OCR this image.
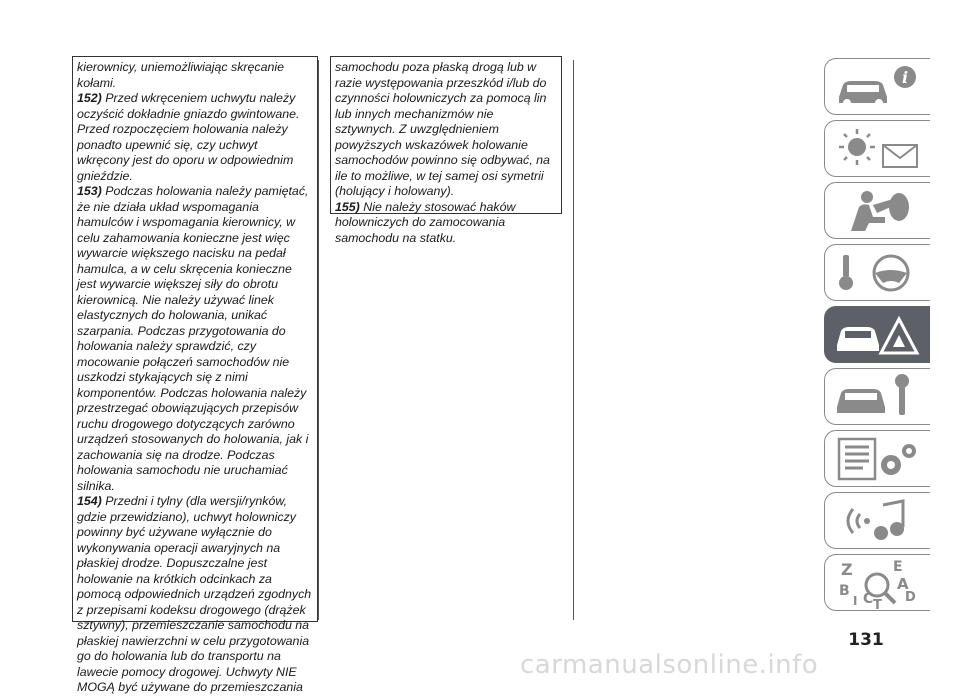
kierownicy, uniemożliwiając skręcanie kołami.

152) Przed wkręceniem uchwytu należy oczyścić dokładnie gniazdo gwintowane. Przed rozpoczęciem holowania należy ponadto upewnić się, czy uchwyt wkręcony jest do oporu w odpowiednim gnieździe.

153) Podczas holowania należy pamiętać, że nie działa układ wspomagania hamulców i wspomagania kierownicy, w celu zahamowania konieczne jest więc wywarcie większego nacisku na pedał hamulca, a w celu skręcenia konieczne jest wywarcie większej siły do obrotu kierownicą. Nie należy używać linek elastycznych do holowania, unikać szarpania. Podczas przygotowania do holowania należy sprawdzić, czy mocowanie połączeń samochodów nie uszkodzi stykających się z nimi komponentów. Podczas holowania należy przestrzegać obowiązujących przepisów ruchu drogowego dotyczących zarówno urządzeń stosowanych do holowania, jak i zachowania się na drodze. Podczas holowania samochodu nie uruchamiać silnika.

154) Przedni i tylny (dla wersji/rynków, gdzie przewidziano), uchwyt holowniczy powinny być używane wyłącznie do wykonywania operacji awaryjnych na płaskiej drodze. Dopuszczalne jest holowanie na krótkich odcinkach za pomocą odpowiednich urządzeń zgodnych z przepisami kodeksu drogowego (drążek sztywny), przemieszczanie samochodu na płaskiej nawierzchni w celu przygotowania go do holowania lub do transportu na lawecie pomocy drogowej. Uchwyty NIE MOGĄ być używane do przemieszczania

samochodu poza płaską drogą lub w razie występowania przeszkód i/lub do czynności holowniczych za pomocą lin lub innych mechanizmów nie sztywnych. Z uwzględnieniem powyższych wskazówek holowanie samochodów powinno się odbywać, na ile to możliwe, w tej samej osi symetrii (holujący i holowany).

155) Nie należy stosować haków holowniczych do zamocowania samochodu na statku.

i
Z	E
B	A
I C T
D
131
carmanualsonline.info
